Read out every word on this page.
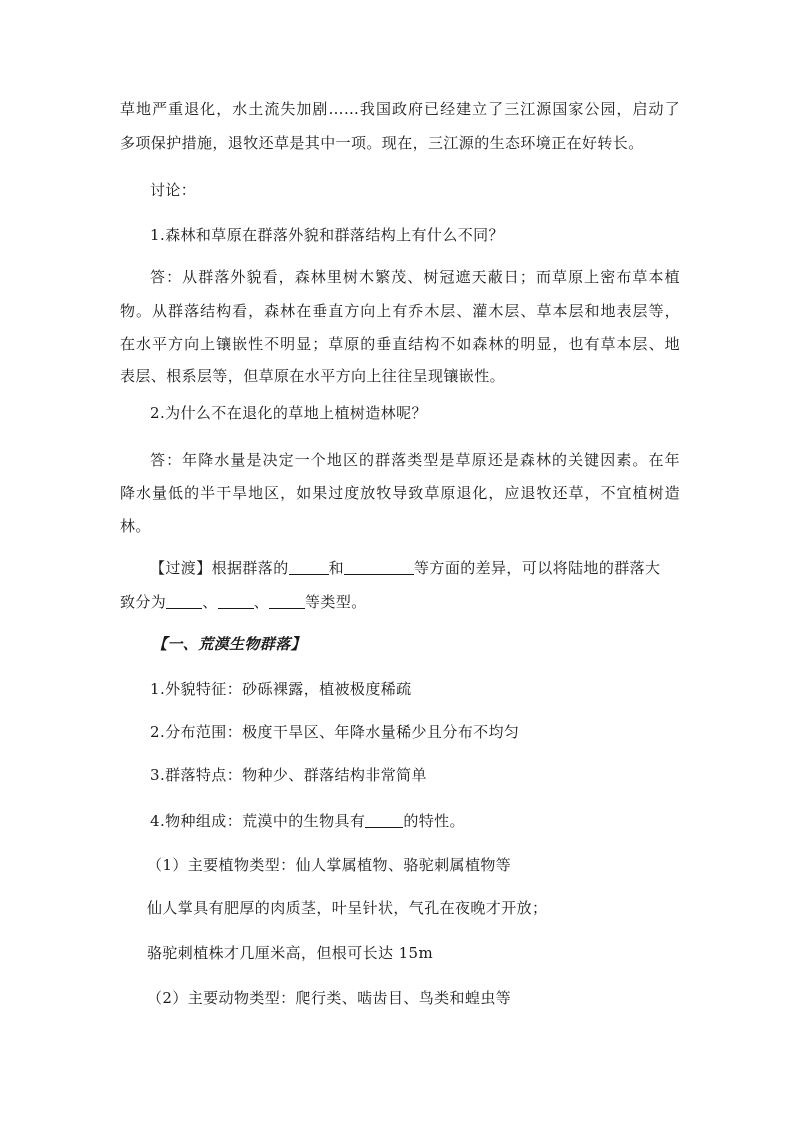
草地严重退化，水土流失加剧……我国政府已经建立了三江源国家公园，启动了
多项保护措施，退牧还草是其中一项。现在，三江源的生态环境正在好转长。
讨论：
1.森林和草原在群落外貌和群落结构上有什么不同？
答：从群落外貌看，森林里树木繁茂、树冠遮天蔽日；而草原上密布草本植
物。从群落结构看，森林在垂直方向上有乔木层、灌木层、草本层和地表层等，
在水平方向上镶嵌性不明显；草原的垂直结构不如森林的明显，也有草本层、地
表层、根系层等，但草原在水平方向上往往呈现镶嵌性。
2.为什么不在退化的草地上植树造林呢？
答：年降水量是决定一个地区的群落类型是草原还是森林的关键因素。在年
降水量低的半干旱地区，如果过度放牧导致草原退化，应退牧还草，不宜植树造
林。
【过渡】根据群落的	和	等方面的差异，可以将陆地的群落大
致分为 、 、 等类型。
【一、荒漠生物群落】
1.外貌特征：砂砾裸露，植被极度稀疏
2.分布范围：极度干旱区、年降水量稀少且分布不均匀
3.群落特点：物种少、群落结构非常简单
4.物种组成：荒漠中的生物具有	的特性。
（1）主要植物类型：仙人掌属植物、骆驼刺属植物等
仙人掌具有肥厚的肉质茎，叶呈针状，气孔在夜晚才开放；
骆驼刺植株才几厘米高，但根可长达 15m
（2）主要动物类型：爬行类、啮齿目、鸟类和蝗虫等
